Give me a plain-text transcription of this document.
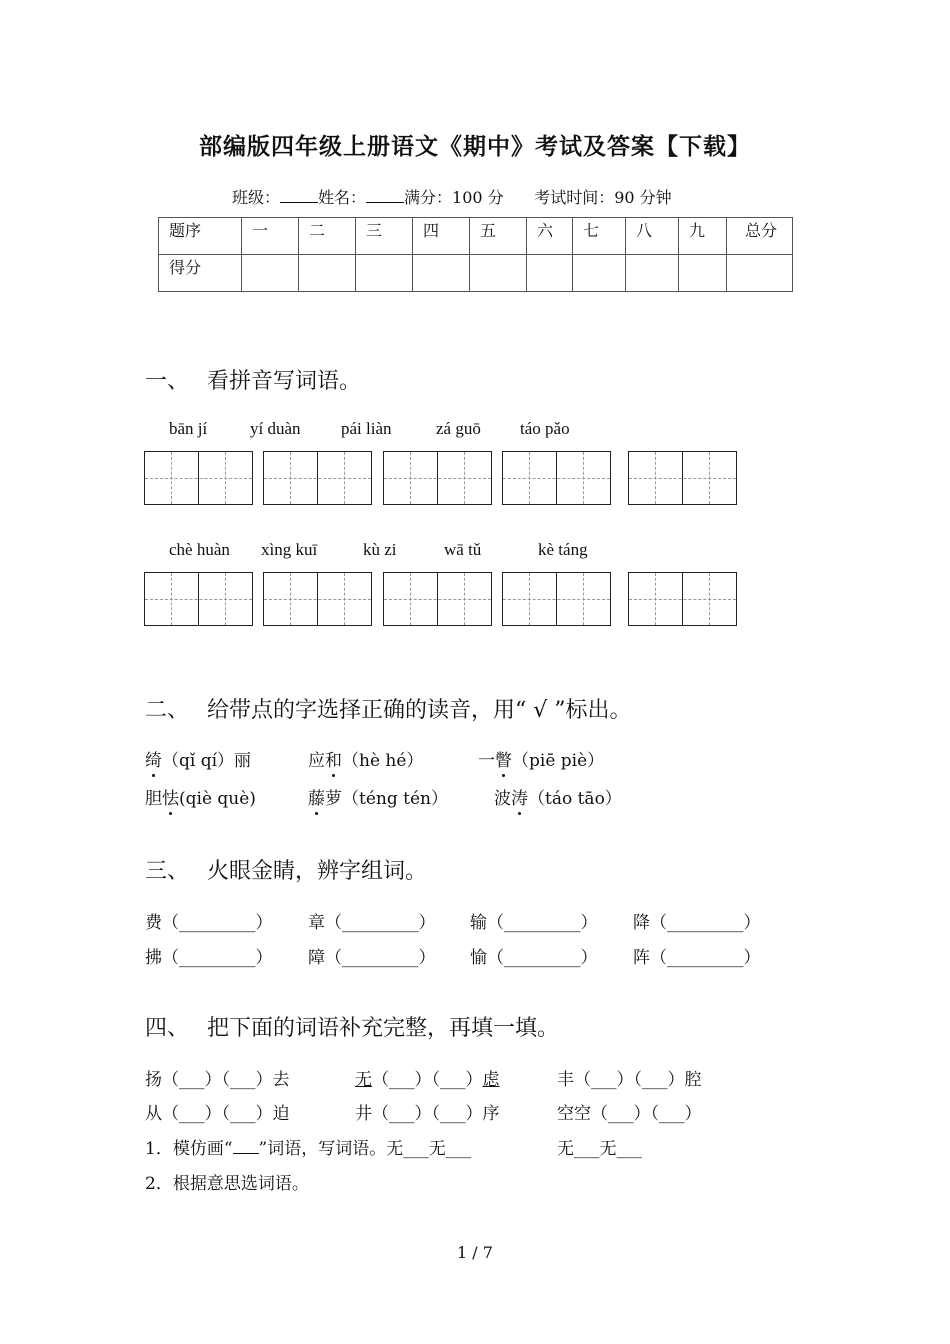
部编版四年级上册语文《期中》考试及答案【下载】
班级： 姓名： 满分：100 分 考试时间：90 分钟
题序	一	二	三	四	五	六	七	八	九	总分
得分										
一、 看拼音写词语。
bān jí	yí duàn pái liàn	zá guō táo pǎo
chè huàn xìng kuī	kù zi	wā tǔ	kè táng
二、 给带点的字选择正确的读音，用“ √ ”标出。
绮（qǐ qí）丽	应和（hè hé）	一瞥（piē piè）
胆怯(qiè què)	藤萝（téng tén）	波涛（táo tāo）
三、 火眼金睛，辨字组词。
费（_________） 章（_________） 输（_________） 降（_________）
拂（_________） 障（_________） 愉（_________） 阵（_________）
四、 把下面的词语补充完整，再填一填。
扬（___）（___）去	无（___）（___）虑	丰（___）（___）腔
从（___）（___）迫	井（___）（___）序	空空（___）（___）
1．模仿画“ ”词语，写词语。无___无___	无___无___
2．根据意思选词语。
1 / 7
